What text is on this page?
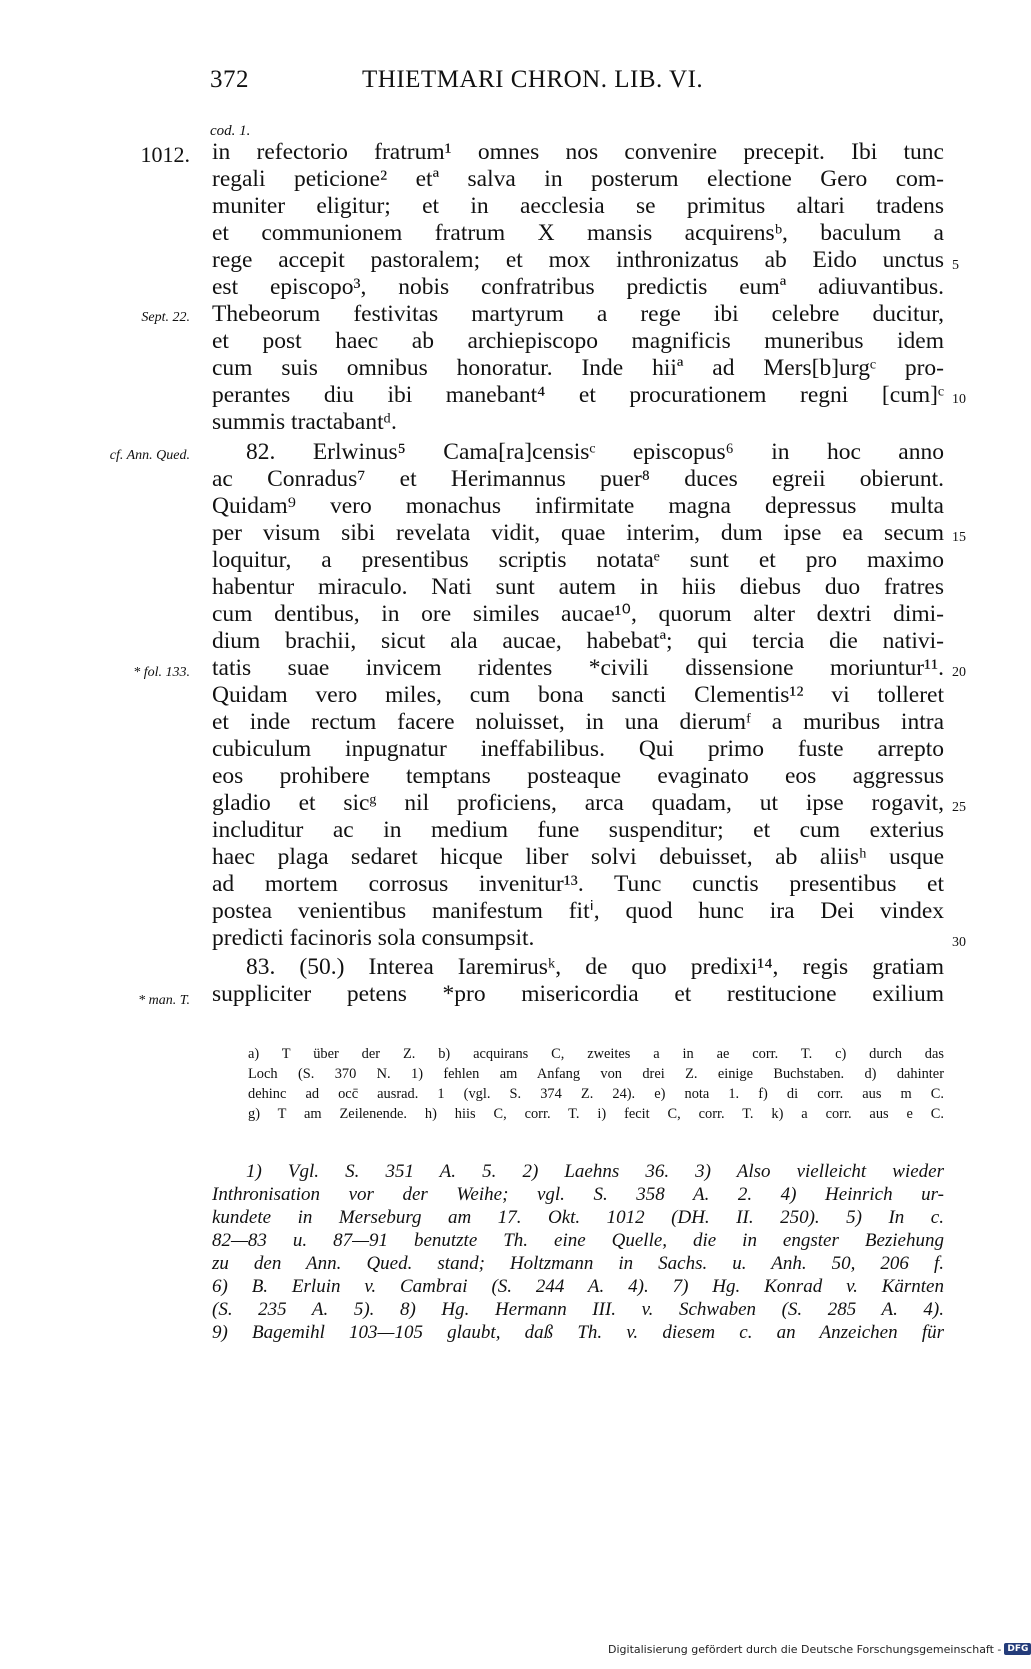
372	THIETMARI CHRON. LIB. VI.
cod. 1.
1012.
Sept. 22.
cf. Ann. Qued.
* fol. 133.
* man. T.
in refectorio fratrum¹ omnes nos convenire precepit. Ibi tunc
regali peticione² etª salva in posterum electione Gero com-
muniter eligitur; et in aecclesia se primitus altari tradens
et communionem fratrum X mansis acquirensᵇ, baculum a
rege accepit pastoralem; et mox inthronizatus ab Eido unctus
est episcopo³, nobis confratribus predictis eumª adiuvantibus.
Thebeorum festivitas martyrum a rege ibi celebre ducitur,
et post haec ab archiepiscopo magnificis muneribus idem
cum suis omnibus honoratur. Inde hiiª ad Mers[b]urgᶜ pro-
perantes diu ibi manebant⁴ et procurationem regni [cum]ᶜ
summis tractabantᵈ.
82. Erlwinus⁵ Cama[ra]censisᶜ episcopus⁶ in hoc anno
ac Conradus⁷ et Herimannus puer⁸ duces egreii obierunt.
Quidam⁹ vero monachus infirmitate magna depressus multa
per visum sibi revelata vidit, quae interim, dum ipse ea secum
loquitur, a presentibus scriptis notataᵉ sunt et pro maximo
habentur miraculo. Nati sunt autem in hiis diebus duo fratres
cum dentibus, in ore similes aucae¹⁰, quorum alter dextri dimi-
dium brachii, sicut ala aucae, habebatª; qui tercia die nativi-
tatis suae invicem ridentes *civili dissensione moriuntur¹¹.
Quidam vero miles, cum bona sancti Clementis¹² vi tolleret
et inde rectum facere noluisset, in una dierumᶠ a muribus intra
cubiculum inpugnatur ineffabilibus. Qui primo fuste arrepto
eos prohibere temptans posteaque evaginato eos aggressus
gladio et sicᵍ nil proficiens, arca quadam, ut ipse rogavit,
includitur ac in medium fune suspenditur; et cum exterius
haec plaga sedaret hicque liber solvi debuisset, ab aliisʰ usque
ad mortem corrosus invenitur¹³. Tunc cunctis presentibus et
postea venientibus manifestum fitⁱ, quod hunc ira Dei vindex
predicti facinoris sola consumpsit.
83. (50.) Interea Iaremirusᵏ, de quo predixi¹⁴, regis gratiam
suppliciter petens *pro misericordia et restitucione exilium
5
10
15
20
25
30
a) T über der Z. b) acquirans C, zweites a in ae corr. T. c) durch das
Loch (S. 370 N. 1) fehlen am Anfang von drei Z. einige Buchstaben. d) dahinter
dehinc ad occ̄ ausrad. 1 (vgl. S. 374 Z. 24). e) nota 1. f) di corr. aus m C.
g) T am Zeilenende. h) hiis C, corr. T. i) fecit C, corr. T. k) a corr. aus e C.
1) Vgl. S. 351 A. 5. 2) Laehns 36. 3) Also vielleicht wieder
Inthronisation vor der Weihe; vgl. S. 358 A. 2. 4) Heinrich ur-
kundete in Merseburg am 17. Okt. 1012 (DH. II. 250). 5) In c.
82—83 u. 87—91 benutzte Th. eine Quelle, die in engster Beziehung
zu den Ann. Qued. stand; Holtzmann in Sachs. u. Anh. 50, 206 f.
6) B. Erluin v. Cambrai (S. 244 A. 4). 7) Hg. Konrad v. Kärnten
(S. 235 A. 5). 8) Hg. Hermann III. v. Schwaben (S. 285 A. 4).
9) Bagemihl 103—105 glaubt, daß Th. v. diesem c. an Anzeichen für
Digitalisierung gefördert durch die Deutsche Forschungsgemeinschaft - DFG
